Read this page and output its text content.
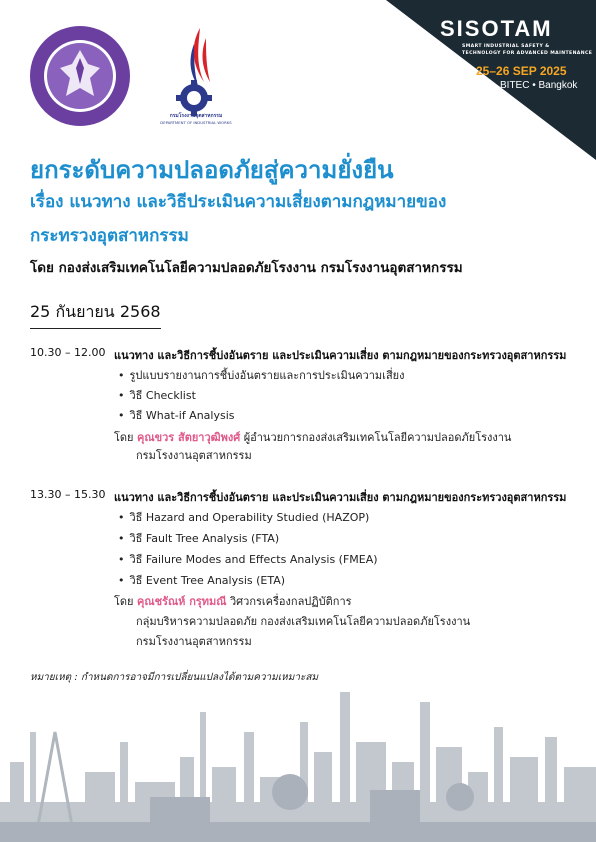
กรมโรงงานอุตสาหกรรม
DEPARTMENT OF INDUSTRIAL WORKS
SISOTAM
SMART INDUSTRIAL SAFETY &
TECHNOLOGY FOR ADVANCED MAINTENANCE
25–26 SEP 2025
BITEC • Bangkok
ยกระดับความปลอดภัยสู่ความยั่งยืน
เรื่อง แนวทาง และวิธีประเมินความเสี่ยงตามกฎหมายของ
กระทรวงอุตสาหกรรม
โดย กองส่งเสริมเทคโนโลยีความปลอดภัยโรงงาน กรมโรงงานอุตสาหกรรม
25 กันยายน 2568
10.30 – 12.00 แนวทาง และวิธีการชี้บ่งอันตราย และประเมินความเสี่ยง ตามกฎหมายของกระทรวงอุตสาหกรรม
• รูปแบบรายงานการชี้บ่งอันตรายและการประเมินความเสี่ยง
• วิธี Checklist
• วิธี What-if Analysis
โดย คุณขวร สัตยาวุฒิพงศ์ ผู้อำนวยการกองส่งเสริมเทคโนโลยีความปลอดภัยโรงงาน
กรมโรงงานอุตสาหกรรม
13.30 – 15.30 แนวทาง และวิธีการชี้บ่งอันตราย และประเมินความเสี่ยง ตามกฎหมายของกระทรวงอุตสาหกรรม
• วิธี Hazard and Operability Studied (HAZOP)
• วิธี Fault Tree Analysis (FTA)
• วิธี Failure Modes and Effects Analysis (FMEA)
• วิธี Event Tree Analysis (ETA)
โดย คุณชรัณห์ กรุทมณี วิศวกรเครื่องกลปฏิบัติการ
กลุ่มบริหารความปลอดภัย กองส่งเสริมเทคโนโลยีความปลอดภัยโรงงาน
กรมโรงงานอุตสาหกรรม
หมายเหตุ : กำหนดการอาจมีการเปลี่ยนแปลงได้ตามความเหมาะสม
